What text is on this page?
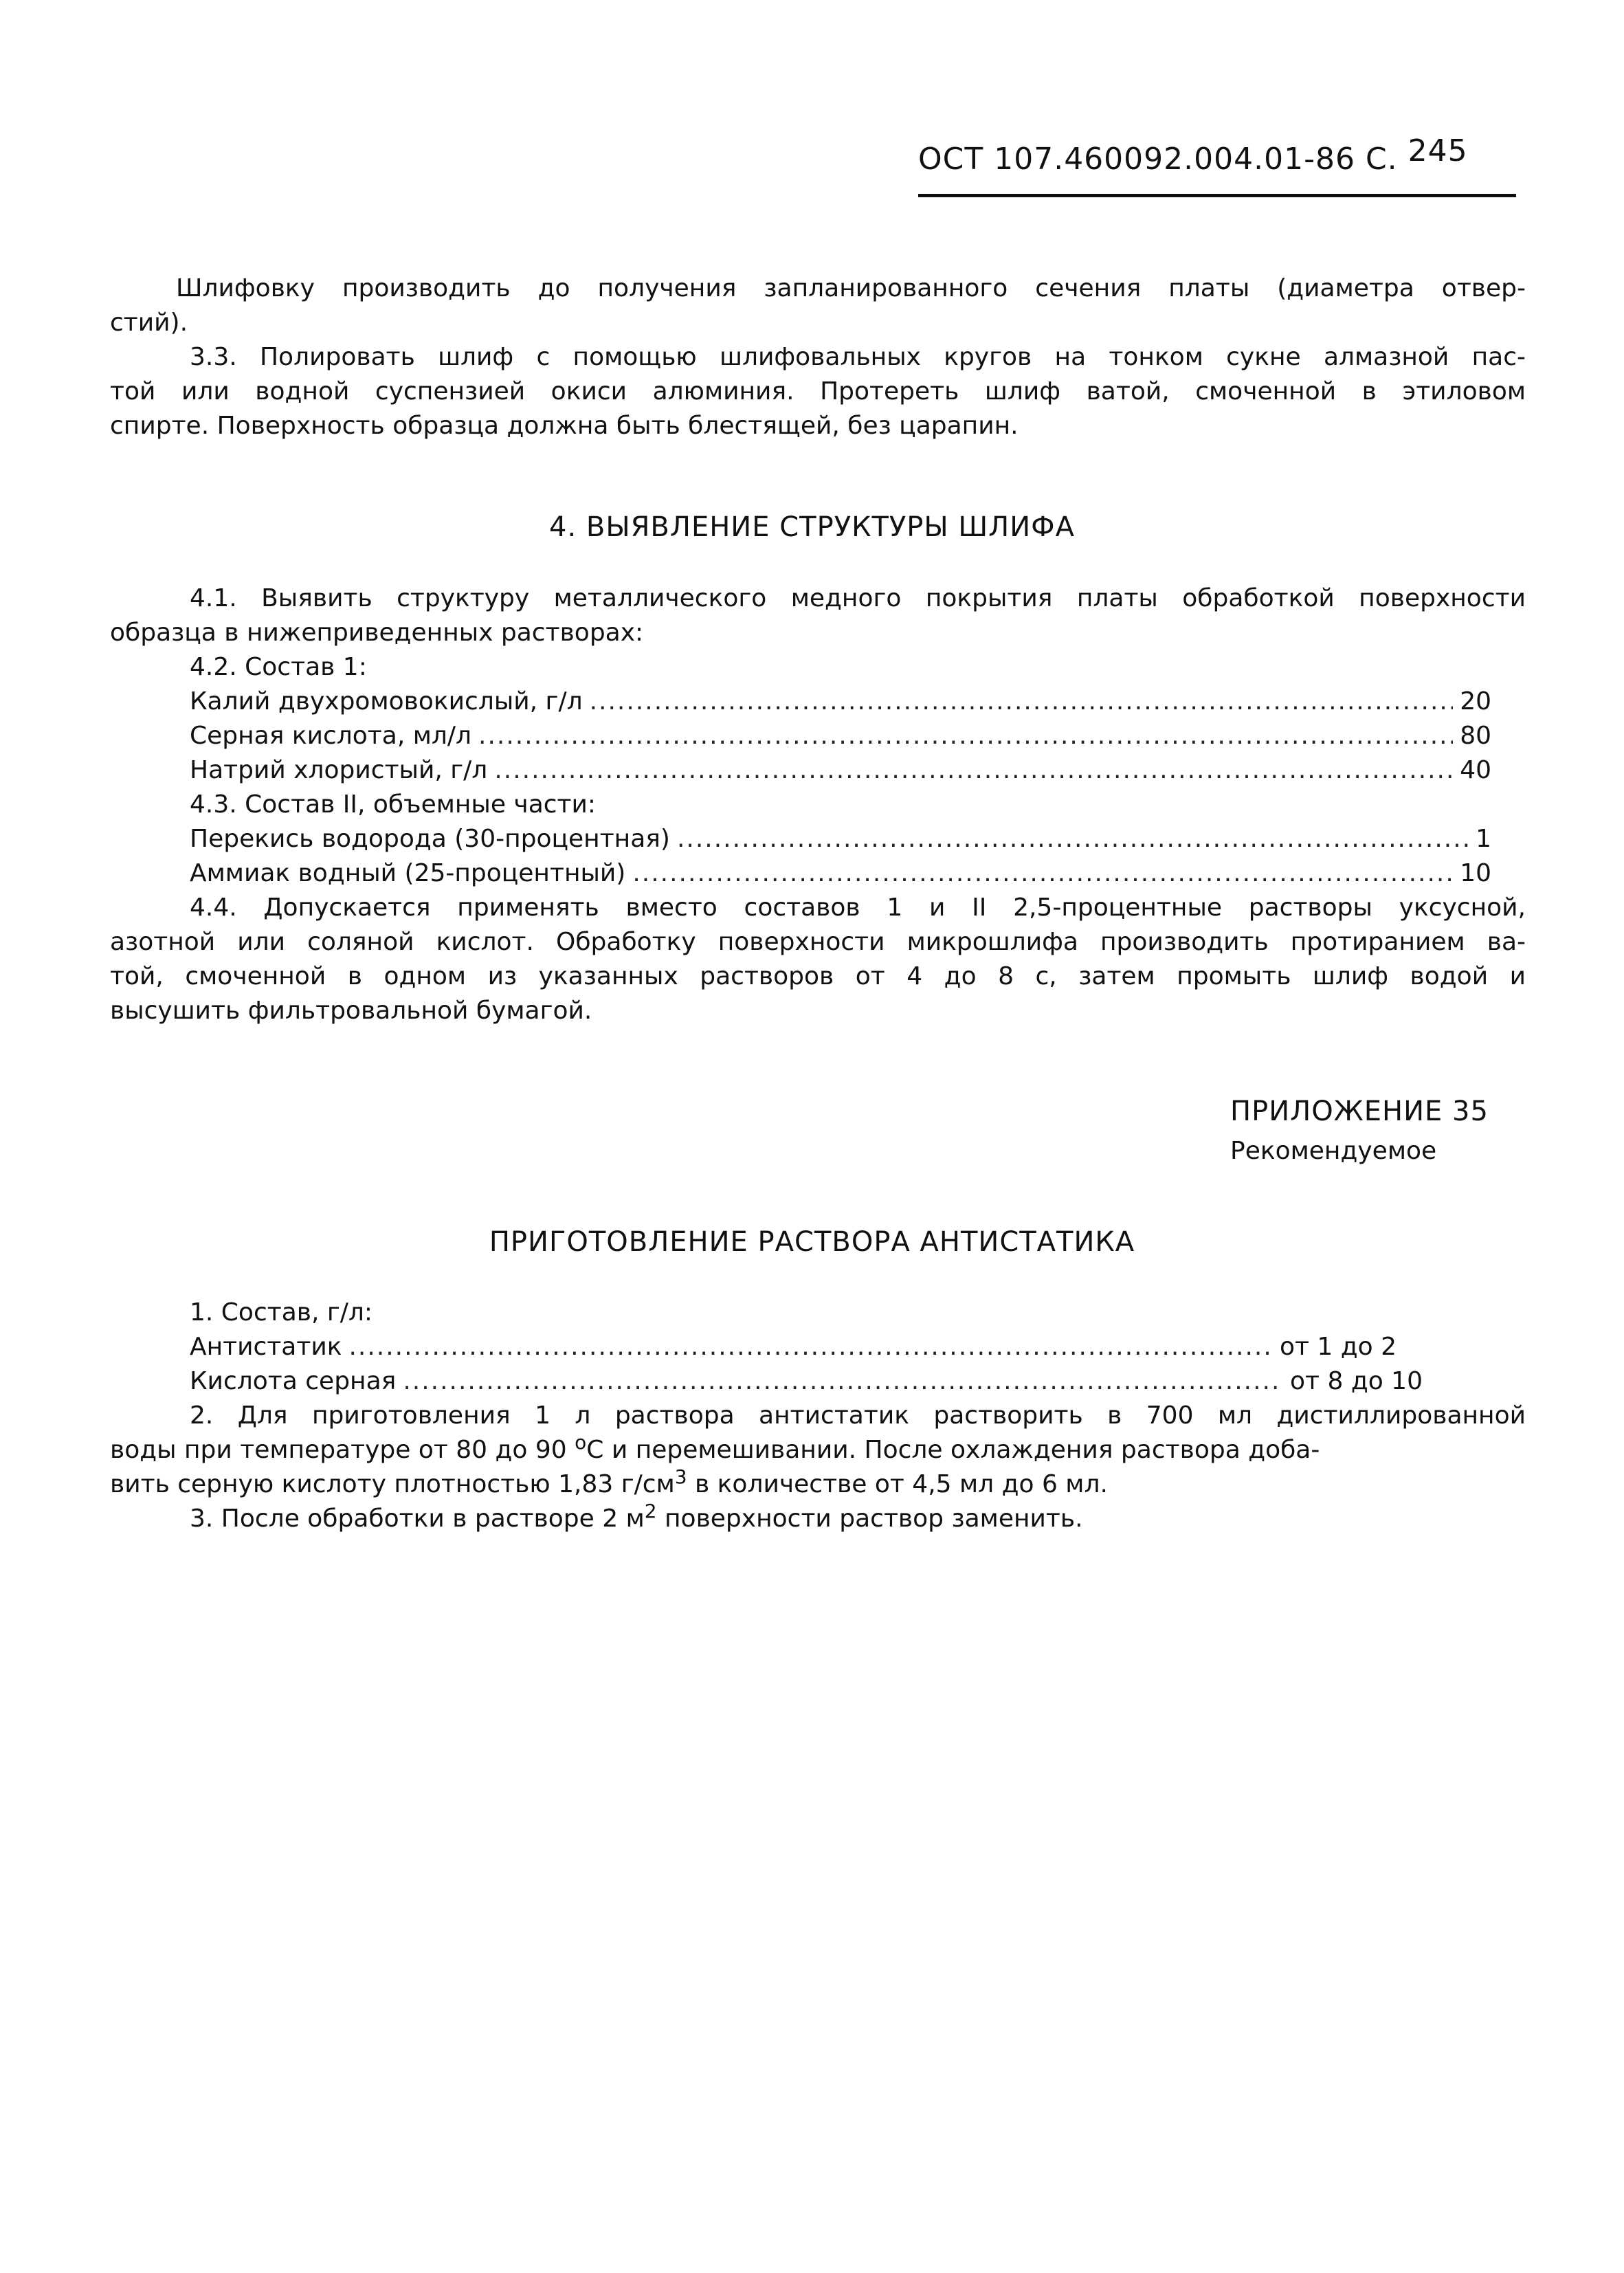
ОСТ 107.460092.004.01-86 С. 245
Шлифовку производить до получения запланированного сечения платы (диаметра отвер-
стий).
3.3. Полировать шлиф с помощью шлифовальных кругов на тонком сукне алмазной пас-
той или водной суспензией окиси алюминия. Протереть шлиф ватой, смоченной в этиловом
спирте. Поверхность образца должна быть блестящей, без царапин.
4. ВЫЯВЛЕНИЕ СТРУКТУРЫ ШЛИФА
4.1. Выявить структуру металлического медного покрытия платы обработкой поверхности
образца в нижеприведенных растворах:
4.2. Состав 1:
Калий двухромовокислый, г/л .....	20
Серная кислота, мл/л .....	80
Натрий хлористый, г/л .....	40
4.3. Состав II, объемные части:
Перекись водорода (30-процентная) .....	1
Аммиак водный (25-процентный) .....	10
4.4. Допускается применять вместо составов 1 и II 2,5-процентные растворы уксусной,
азотной или соляной кислот. Обработку поверхности микрошлифа производить протиранием ва-
той, смоченной в одном из указанных растворов от 4 до 8 с, затем промыть шлиф водой и
высушить фильтровальной бумагой.
ПРИЛОЖЕНИЕ 35
Рекомендуемое
ПРИГОТОВЛЕНИЕ РАСТВОРА АНТИСТАТИКА
1. Состав, г/л:
Антистатик .....	от 1 до 2
Кислота серная .....	от 8 до 10
2. Для приготовления 1 л раствора антистатик растворить в 700 мл дистиллированной
воды при температуре от 80 до 90 $^о$С и перемешивании. После охлаждения раствора доба-
вить серную кислоту плотностью 1,83 $г/см^3$ в количестве от 4,5 мл до 6 мл.
3. После обработки в растворе 2 $м^2$ поверхности раствор заменить.
